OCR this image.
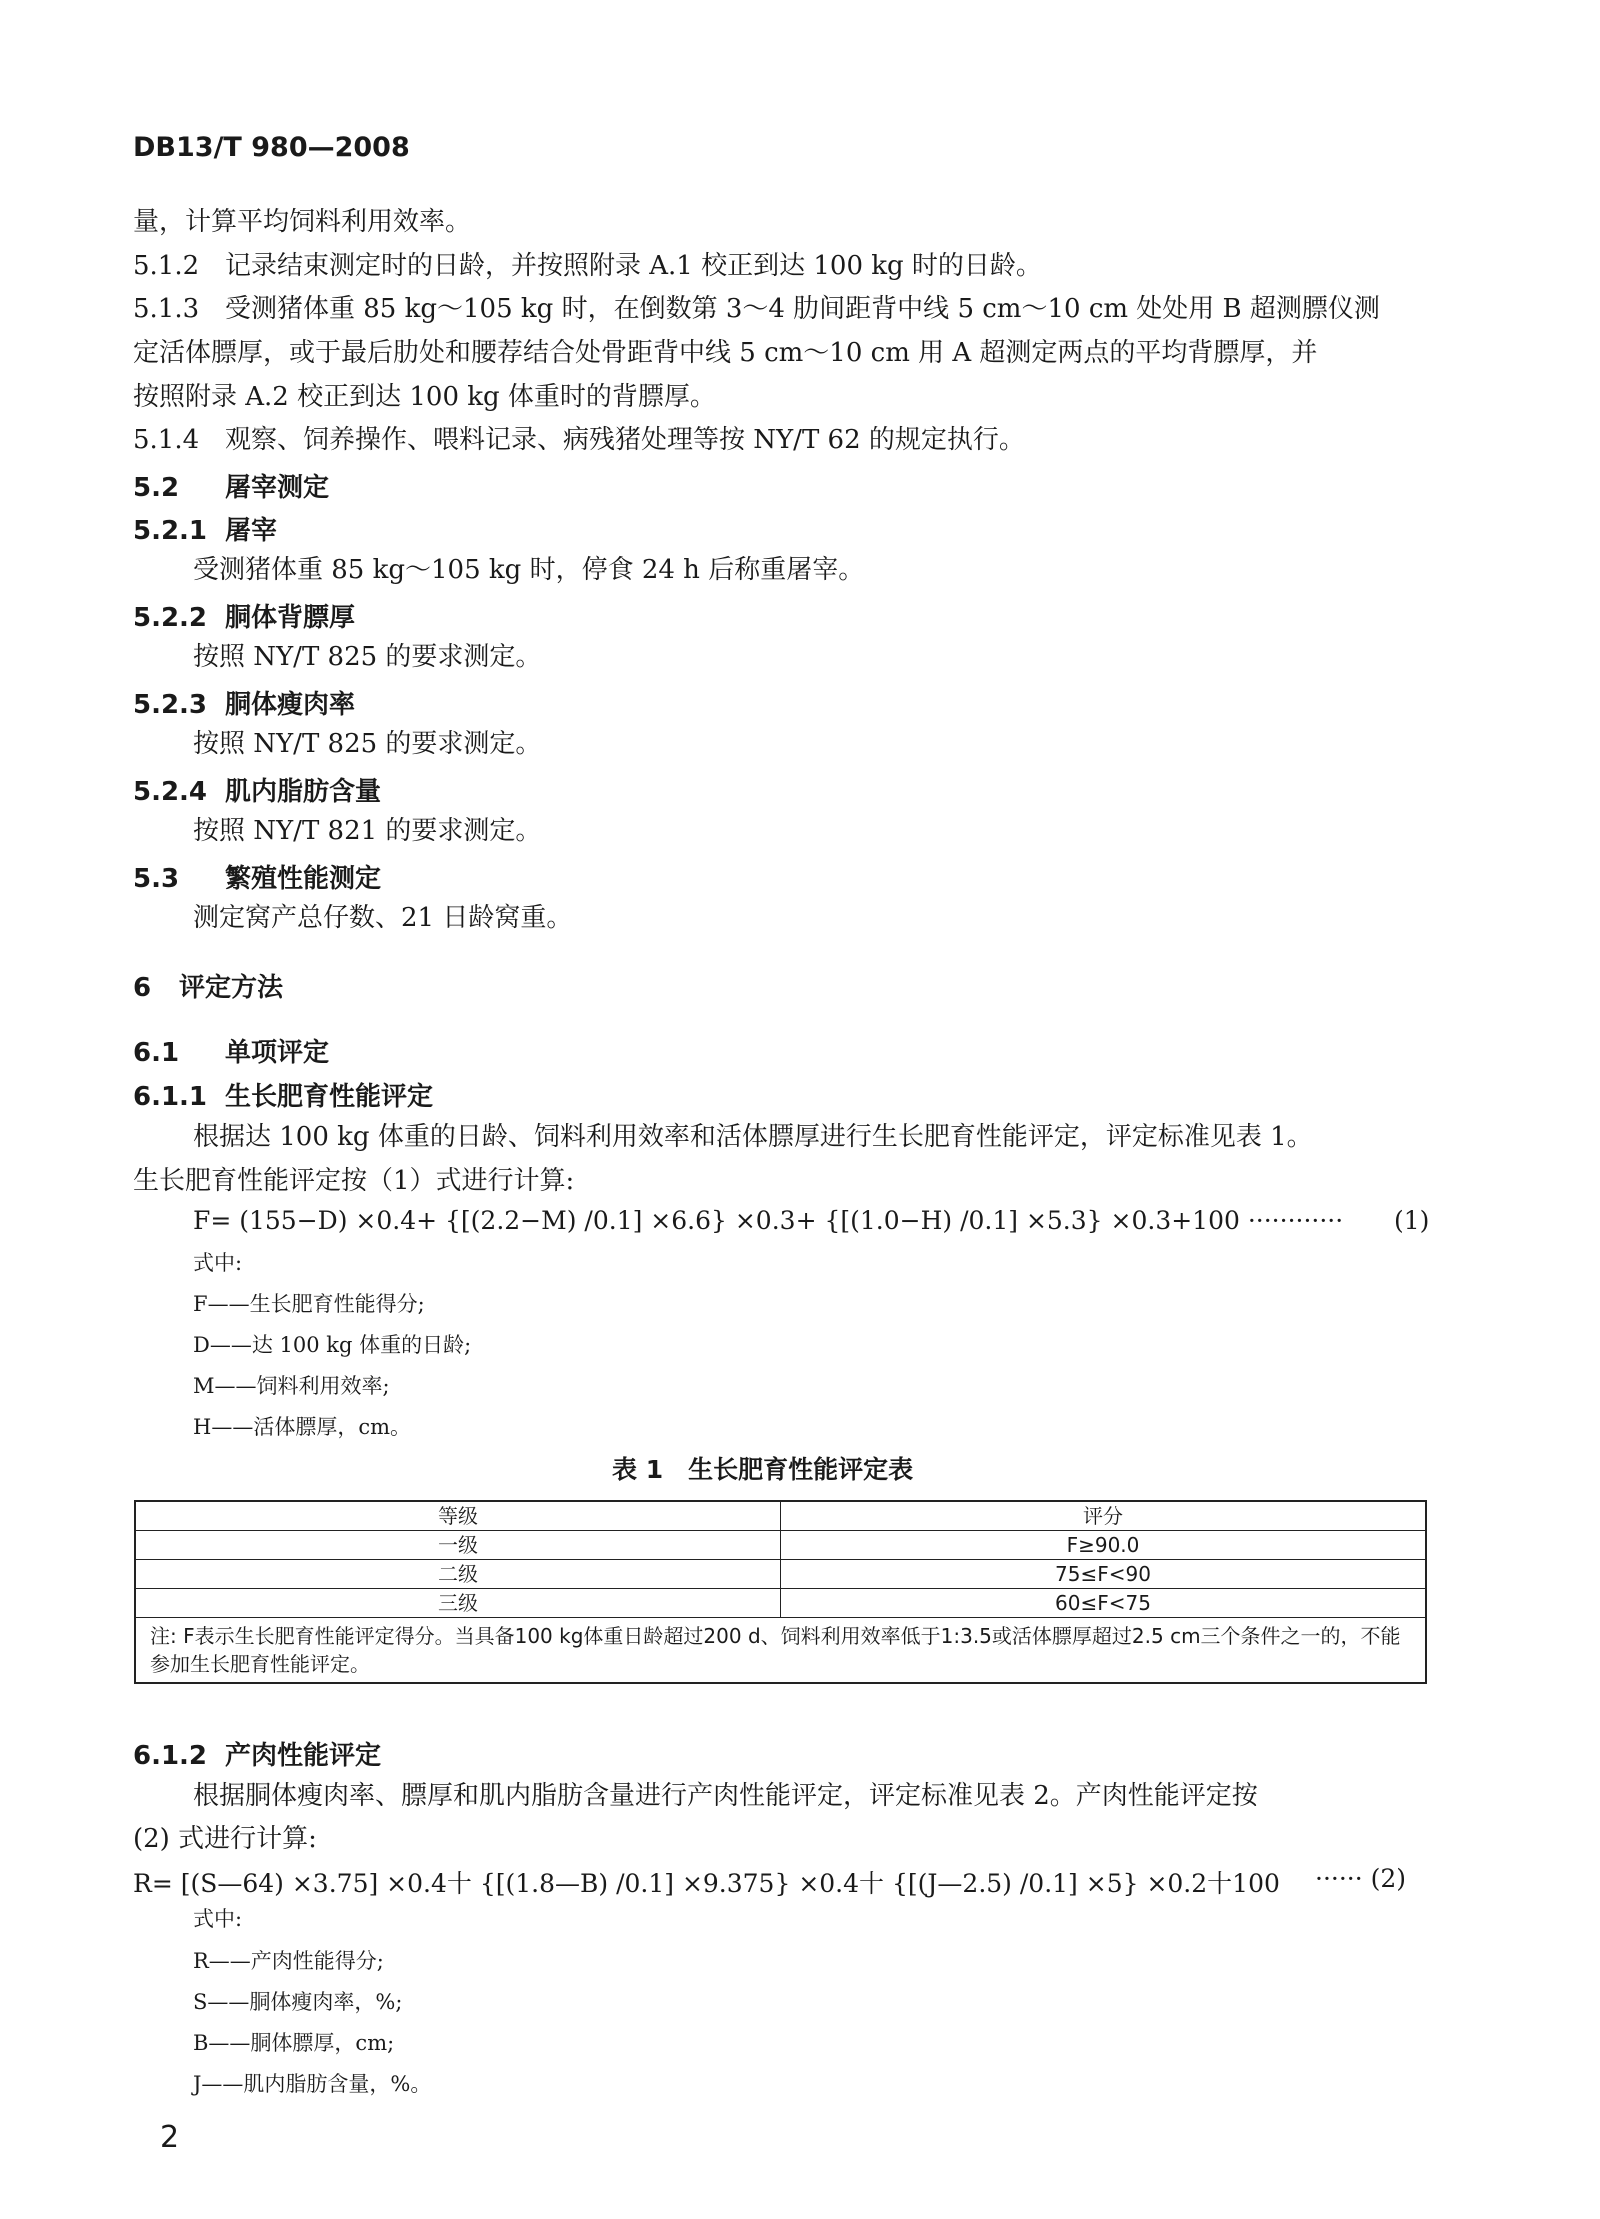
DB13/T 980—2008
量，计算平均饲料利用效率。
5.1.2 记录结束测定时的日龄，并按照附录 A.1 校正到达 100 kg 时的日龄。
5.1.3 受测猪体重 85 kg～105 kg 时，在倒数第 3～4 肋间距背中线 5 cm～10 cm 处处用 B 超测膘仪测
定活体膘厚，或于最后肋处和腰荐结合处骨距背中线 5 cm～10 cm 用 A 超测定两点的平均背膘厚，并
按照附录 A.2 校正到达 100 kg 体重时的背膘厚。
5.1.4 观察、饲养操作、喂料记录、病残猪处理等按 NY/T 62 的规定执行。
5.2 屠宰测定
5.2.1 屠宰
受测猪体重 85 kg～105 kg 时，停食 24 h 后称重屠宰。
5.2.2 胴体背膘厚
按照 NY/T 825 的要求测定。
5.2.3 胴体瘦肉率
按照 NY/T 825 的要求测定。
5.2.4 肌内脂肪含量
按照 NY/T 821 的要求测定。
5.3 繁殖性能测定
测定窝产总仔数、21 日龄窝重。
6 评定方法
6.1 单项评定
6.1.1 生长肥育性能评定
根据达 100 kg 体重的日龄、饲料利用效率和活体膘厚进行生长肥育性能评定，评定标准见表 1。
生长肥育性能评定按（1）式进行计算:
F= (155−D) ×0.4+ {[(2.2−M) /0.1] ×6.6} ×0.3+ {[(1.0−H) /0.1] ×5.3} ×0.3+100 ············ (1)
式中:
F——生长肥育性能得分;
D——达 100 kg 体重的日龄;
M——饲料利用效率;
H——活体膘厚，cm。
表 1　生长肥育性能评定表
等级	评分
一级	F≥90.0
二级	75≤F<90
三级	60≤F<75
注: F表示生长肥育性能评定得分。当具备100 kg体重日龄超过200 d、饲料利用效率低于1:3.5或活体膘厚超过2.5 cm三个条件之一的，不能参加生长肥育性能评定。	
6.1.2 产肉性能评定
根据胴体瘦肉率、膘厚和肌内脂肪含量进行产肉性能评定，评定标准见表 2。产肉性能评定按
(2) 式进行计算:
R= [(S—64) ×3.75] ×0.4十 {[(1.8—B) /0.1] ×9.375} ×0.4十 {[(J—2.5) /0.1] ×5} ×0.2十100 ······ (2)
式中:
R——产肉性能得分;
S——胴体瘦肉率，%;
B——胴体膘厚，cm;
J——肌内脂肪含量，%。
2
